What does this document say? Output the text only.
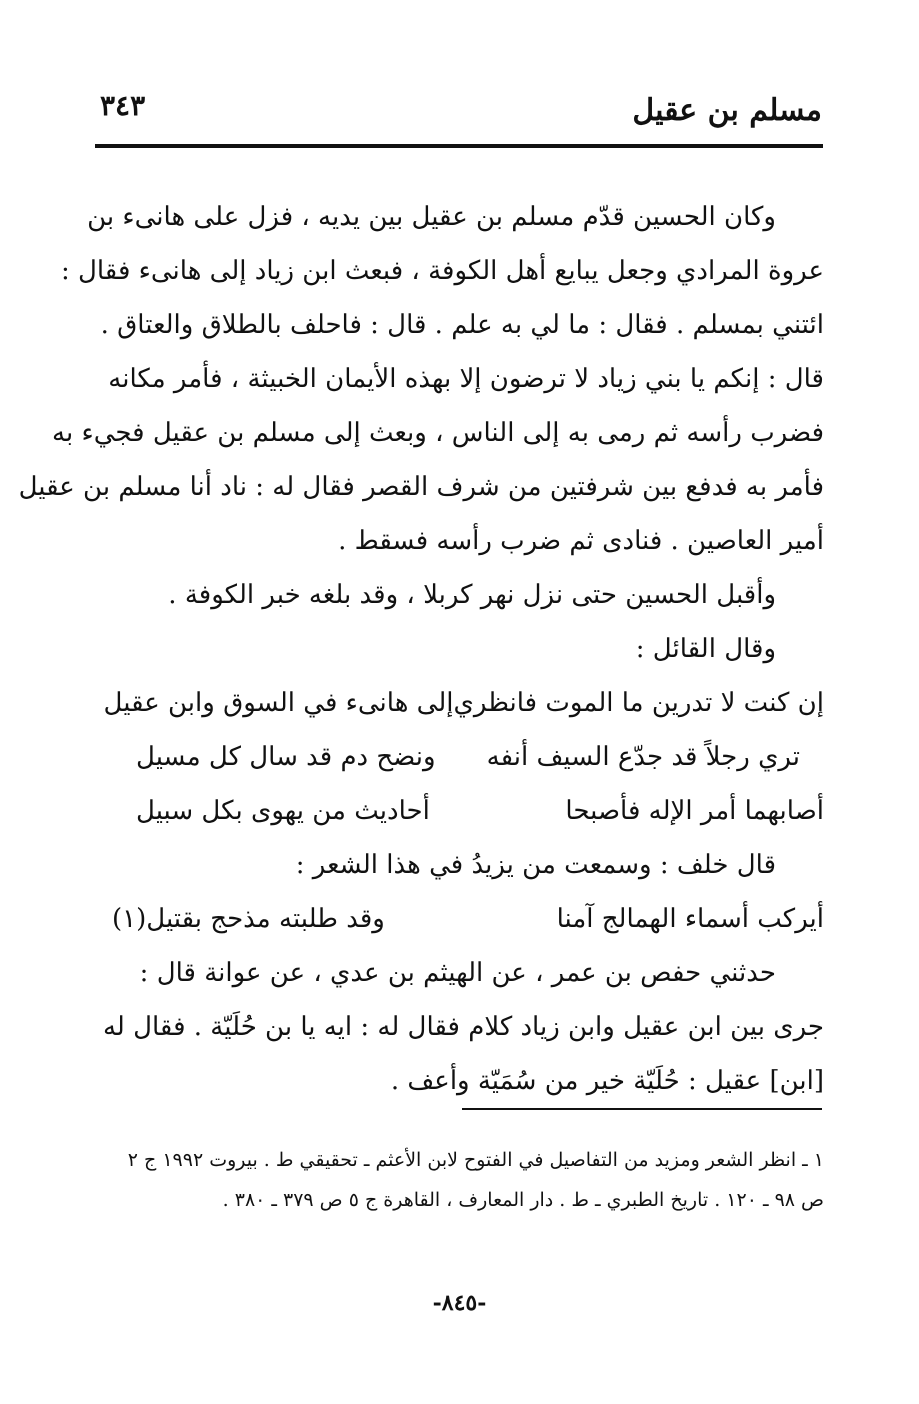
مسلم بن عقيل
٣٤٣
وكان الحسين قدّم مسلم بن عقيل بين يديه ، فزل على هانىء بن
عروة المرادي وجعل يبايع أهل الكوفة ، فبعث ابن زياد إلى هانىء فقال :
ائتني بمسلم . فقال : ما لي به علم . قال : فاحلف بالطلاق والعتاق .
قال : إنكم يا بني زياد لا ترضون إلا بهذه الأيمان الخبيثة ، فأمر مكانه
فضرب رأسه ثم رمى به إلى الناس ، وبعث إلى مسلم بن عقيل فجيء به
فأمر به فدفع بين شرفتين من شرف القصر فقال له : ناد أنا مسلم بن عقيل
أمير العاصين . فنادى ثم ضرب رأسه فسقط .
وأقبل الحسين حتى نزل نهر كربلا ، وقد بلغه خبر الكوفة .
وقال القائل :
إن كنت لا تدرين ما الموت فانظري
إلى هانىء في السوق وابن عقيل
تري رجلاً قد جدّع السيف أنفه
ونضح دم قد سال كل مسيل
أصابهما أمر الإله فأصبحا
أحاديث من يهوى بكل سبيل
قال خلف : وسمعت من يزيدُ في هذا الشعر :
أيركب أسماء الهمالج آمنا
وقد طلبته مذحج بقتيل(١)
حدثني حفص بن عمر ، عن الهيثم بن عدي ، عن عوانة قال :
جرى بين ابن عقيل وابن زياد كلام فقال له : ايه يا بن حُلَيّة . فقال له
[ابن] عقيل : حُلَيّة خير من سُمَيّة وأعف .
١ ـ انظر الشعر ومزيد من التفاصيل في الفتوح لابن الأعثم ـ تحقيقي ط . بيروت ١٩٩٢ ج ٢
ص ٩٨ ـ ١٢٠ . تاريخ الطبري ـ ط . دار المعارف ، القاهرة ج ٥ ص ٣٧٩ ـ ٣٨٠ .
-٨٤٥-
